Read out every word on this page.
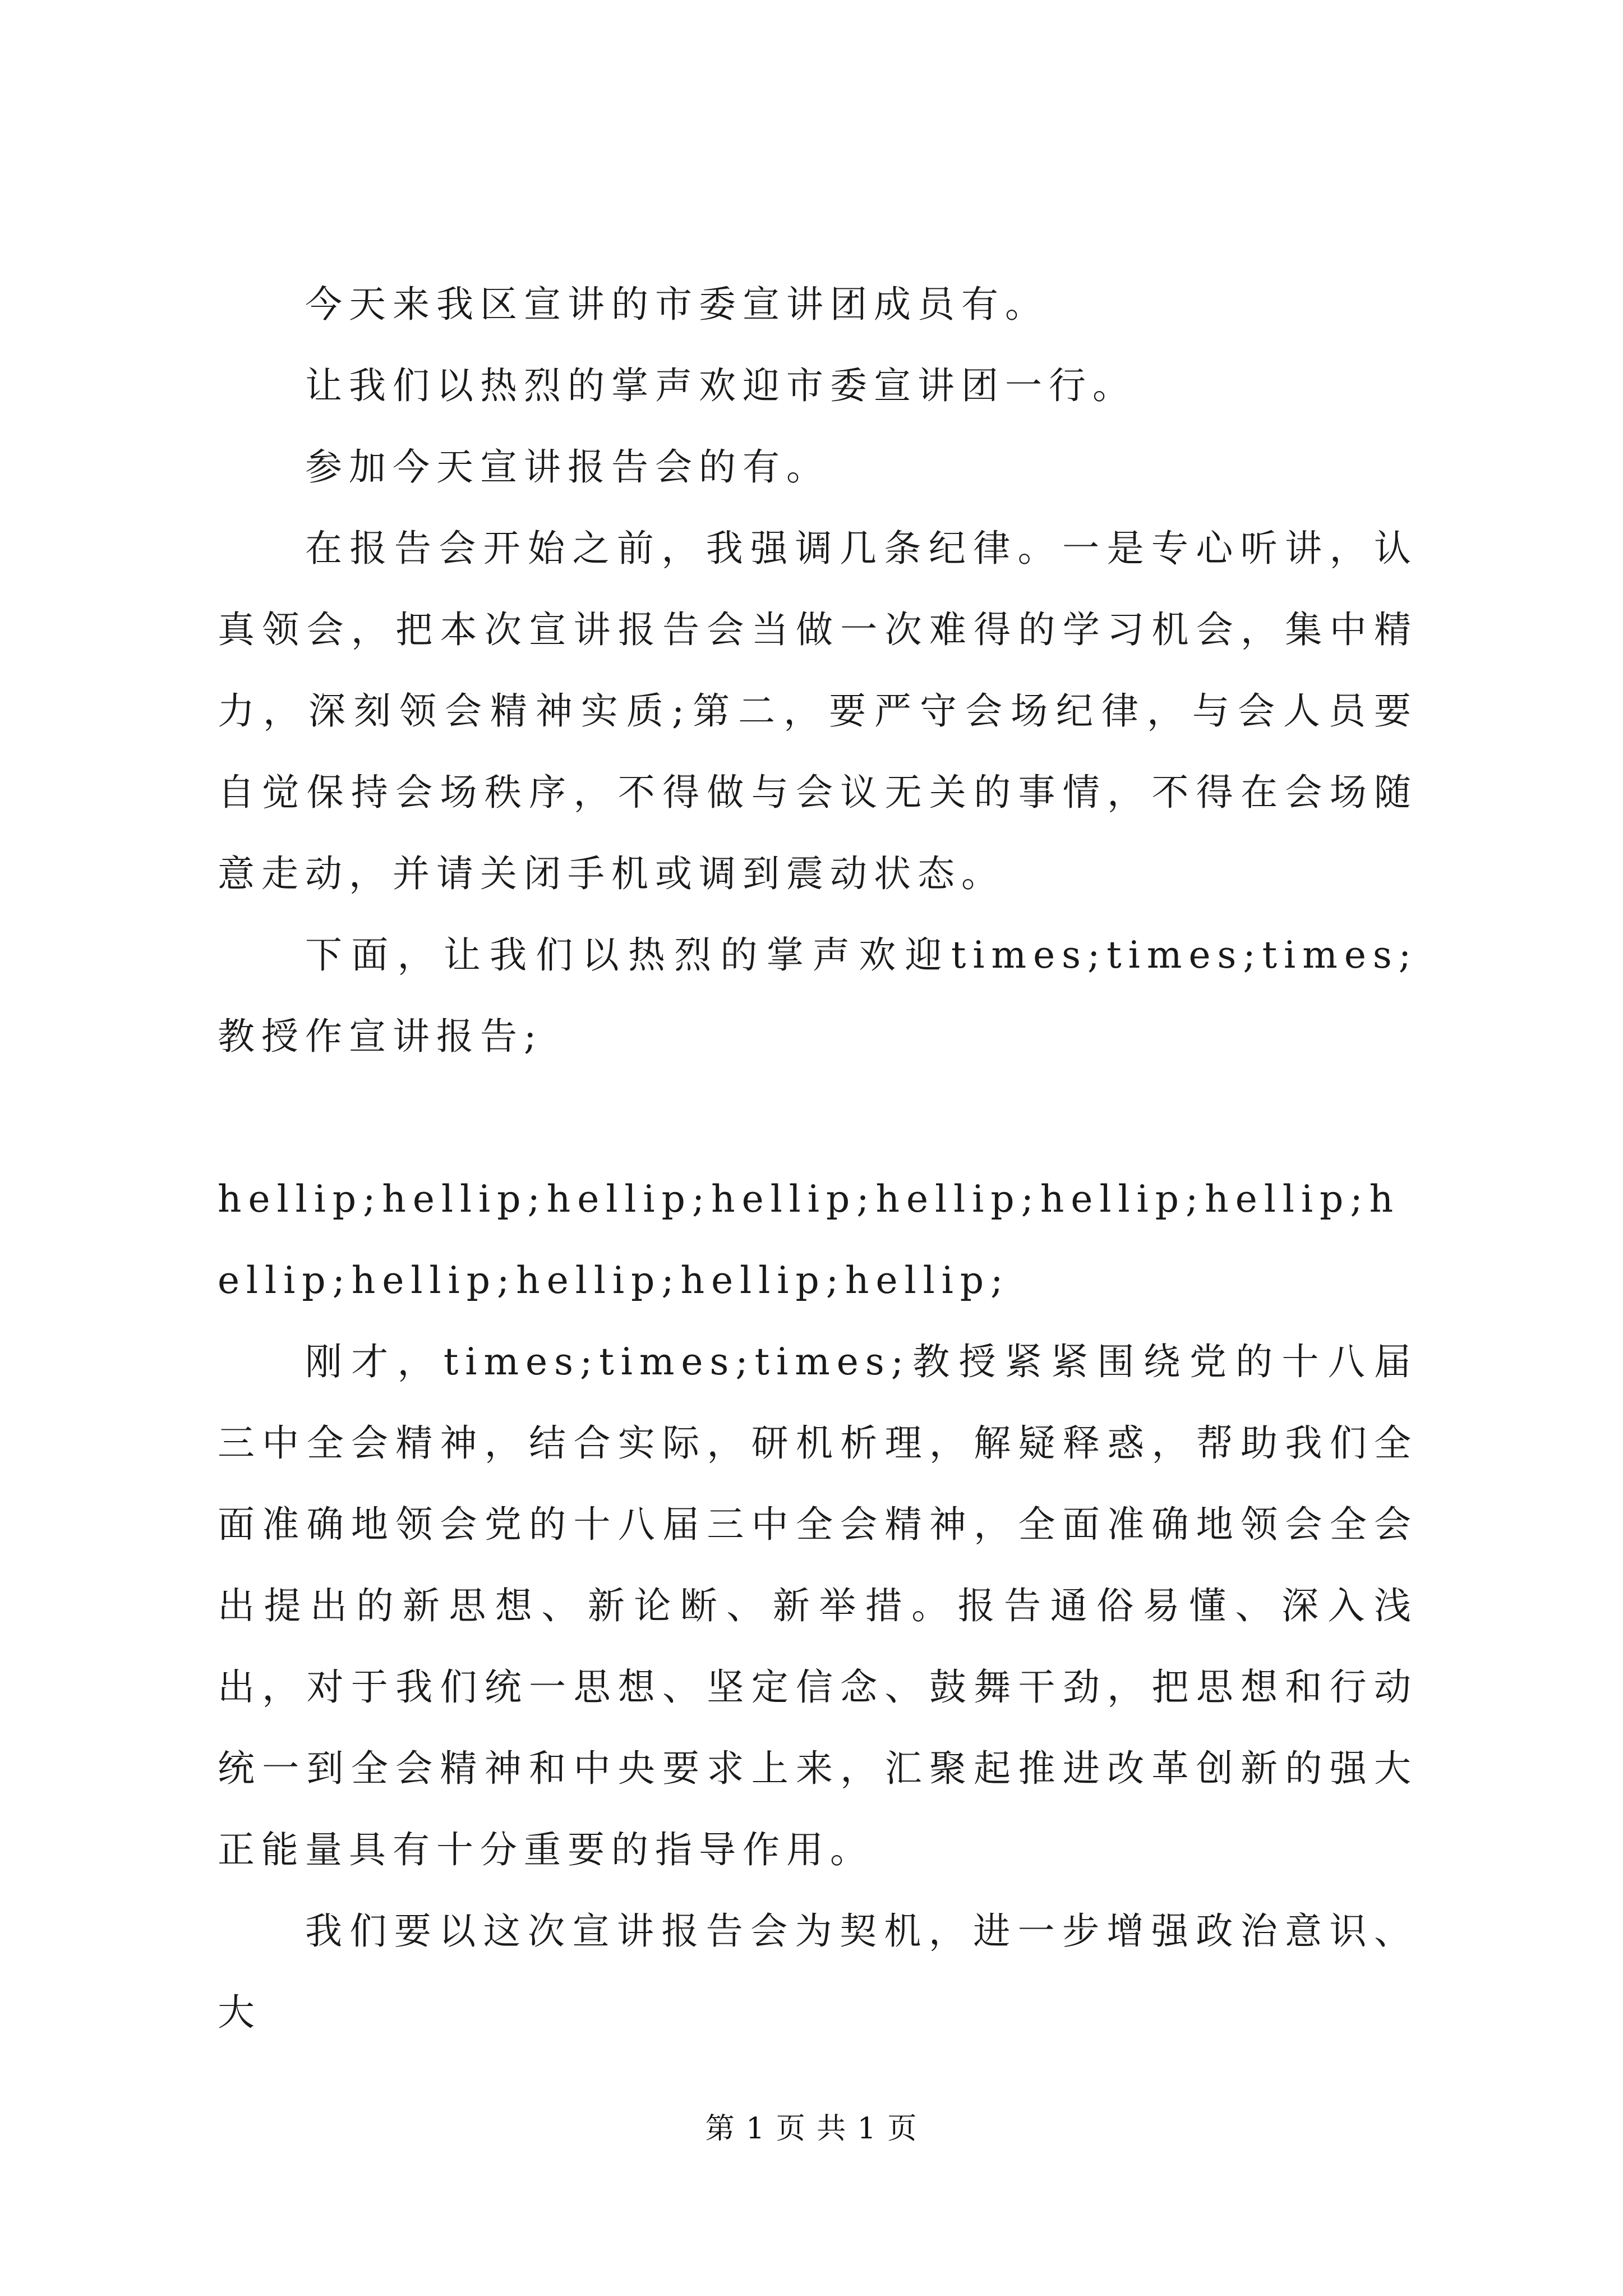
今天来我区宣讲的市委宣讲团成员有。

让我们以热烈的掌声欢迎市委宣讲团一行。

参加今天宣讲报告会的有。

在报告会开始之前，我强调几条纪律。一是专心听讲，认真领会，把本次宣讲报告会当做一次难得的学习机会，集中精力，深刻领会精神实质;第二，要严守会场纪律，与会人员要自觉保持会场秩序，不得做与会议无关的事情，不得在会场随意走动，并请关闭手机或调到震动状态。

下面，让我们以热烈的掌声欢迎times;times;times;教授作宣讲报告;

hellip;hellip;hellip;hellip;hellip;hellip;hellip;hellip;hellip;hellip;hellip;hellip;

刚才，times;times;times;教授紧紧围绕党的十八届三中全会精神，结合实际，研机析理，解疑释惑，帮助我们全面准确地领会党的十八届三中全会精神，全面准确地领会全会出提出的新思想、新论断、新举措。报告通俗易懂、深入浅出，对于我们统一思想、坚定信念、鼓舞干劲，把思想和行动统一到全会精神和中央要求上来，汇聚起推进改革创新的强大正能量具有十分重要的指导作用。

我们要以这次宣讲报告会为契机，进一步增强政治意识、大

第 1 页 共 1 页
